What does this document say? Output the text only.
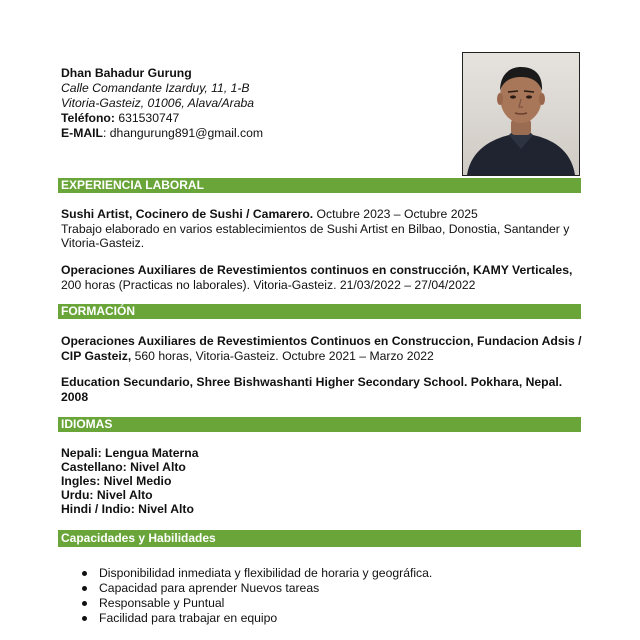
Dhan Bahadur Gurung
Calle Comandante Izarduy, 11, 1-B
Vitoria-Gasteiz, 01006, Alava/Araba
Teléfono: 631530747
E-MAIL: dhangurung891@gmail.com
EXPERIENCIA LABORAL
Sushi Artist, Cocinero de Sushi / Camarero. Octubre 2023 – Octubre 2025
Trabajo elaborado en varios establecimientos de Sushi Artist en Bilbao, Donostia, Santander y Vitoria-Gasteiz.
Operaciones Auxiliares de Revestimientos continuos en construcción, KAMY Verticales, 200 horas (Practicas no laborales). Vitoria-Gasteiz. 21/03/2022 – 27/04/2022
FORMACIÓN
Operaciones Auxiliares de Revestimientos Continuos en Construccion, Fundacion Adsis / CIP Gasteiz, 560 horas, Vitoria-Gasteiz. Octubre 2021 – Marzo 2022
Education Secundario, Shree Bishwashanti Higher Secondary School. Pokhara, Nepal. 2008
IDIOMAS
Nepali: Lengua Materna
Castellano: Nivel Alto
Ingles: Nivel Medio
Urdu: Nivel Alto
Hindi / Indio: Nivel Alto
Capacidades y Habilidades
Disponibilidad inmediata y flexibilidad de horaria y geográfica.
Capacidad para aprender Nuevos tareas
Responsable y Puntual
Facilidad para trabajar en equipo
